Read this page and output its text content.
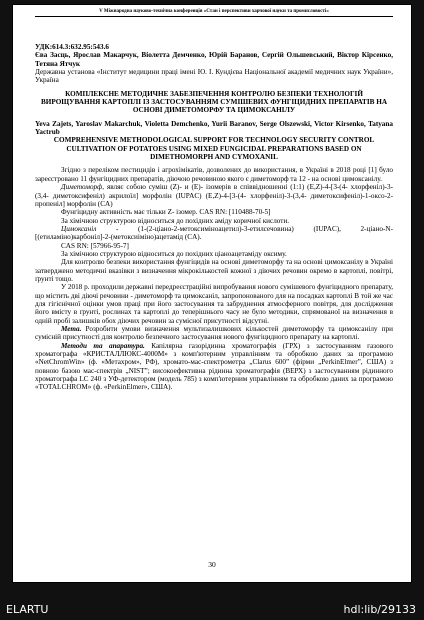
V Міжнародна науково-технічна конференція «Стан і перспективи харчової науки та промисловості»

УДК:614.3:632.95:543.6

Єва Засць, Ярослав Макарчук, Віолетта Демченко, Юрій Баранов, Сергій Ольшевський, Віктор Кірсенко, Тетяна Ятчук

Державна установа «Інститут медицини праці імені Ю. І. Кундієва Національної академії медичних наук України», Україна

КОМПЛЕКСНЕ МЕТОДИЧНЕ ЗАБЕЗПЕЧЕННЯ КОНТРОЛЮ БЕЗПЕКИ ТЕХНОЛОГІЙ ВИРОЩУВАННЯ КАРТОПЛІ ІЗ ЗАСТОСУВАННЯМ СУМІШЕВИХ ФУНГІЦИДНИХ ПРЕПАРАТІВ НА ОСНОВІ ДИМЕТОМОРФУ ТА ЦИМОКСАНІЛУ

Yeva Zajets, Yaroslav Makarchuk, Violetta Demchenko, Yurii Baranov, Serge Olszewski, Victor Kirsenko, Tatyana Yactrub

COMPREHENSIVE METHODOLOGICAL SUPPORT FOR TECHNOLOGY SECURITY CONTROL CULTIVATION OF POTATOES USING MIXED FUNGICIDAL PREPARATIONS BASED ON DIMETHOMORPH AND CYMOXANIL

Згідно з переліком пестицидів і агрохімікатів, дозволених до використання, в Україні в 2018 році [1] було зареєстровано 11 фунгіцидних препаратів, діючою речовиною якого є диметоморф та 12 - на основі цимоксанілу.

Диметоморф, являє собою суміш (Z)- и (E)- ізомерів в співвідношенні (1:1) (E,Z)-4-[3-(4- хлорфеніл)-3-(3,4- диметоксифеніл) акрилоїл] морфолін (IUPAC) (E,Z)-4-[3-(4- хлорфеніл)-3-(3,4- диметоксифеніл)-1-оксо-2-пропеніл] морфолін (CA)

Фунгіцидну активність має тільки Z- ізомер. CAS RN: [110488-70-5]

За хімічною структурою відноситься до похідних аміду коричної кислоти.

Цимоксаніл - (1-(2-ціано-2-метоксиміноацетил)-3-етилсечовина) (IUPAC), 2-ціано-N-[(етиламіно)карбоніл]-2-(метоксиіміно)ацетамід (CA).

CAS RN: [57966-95-7]

За хімічною структурою відноситься до похідних ціаноацетаміду оксиму.

Для контролю безпеки використання фунгіцидів на основі диметоморфу та на основі цимоксанілу в Україні затверджено методичні вказівки з визначення мікрокількостей кожної з діючих речовин окремо в картоплі, повітрі, ґрунті тощо.

У 2018 р. проходили державні передреєстраційні випробування нового сумішевого фунгіцидного препарату, що містить дві діючі речовини - диметоморф та цимоксаніл, запропонованого для на посадках картоплі В той же час для гігієнічної оцінки умов праці при його застосування та забруднення атмосферного повітря, для дослідження його вмісту в ґрунті, рослинах та картоплі до теперішнього часу не було методики, спрямованої на визначення в одній пробі залишків обох діючих речовин за сумісної присутності відсутні.

Мета. Розробити умови визначення мультизалишкових кількостей диметоморфу та цимоксанілу при сумісній присутності для контролю безпечного застосування нового фунгіцидного препарату на картоплі.

Методи та апаратура. Капілярна газорідинна хроматографія (ГРХ) з застосуванням газового хроматографа «КРИСТАЛЛЮКС-4000М» з комп'ютерним управлінням та обробкою даних за програмою «NetChromWin» (ф. «Метахром», РФ), хромато-мас-спектрометра „Clarus 600” (фірми „PerkinElmer”, США) з повною базою мас-спектрів „NIST”; високоефективна рідинна хроматографія (ВЕРХ) з застосуванням рідинного хроматографа LC 240 з УФ-детектором (модель 785) з комп'ютерним управлінням та обробкою даних за програмою «TOTALCHROM» (ф. «PerkinElmer», США).

30
ELARTU	hdl:lib/29133
